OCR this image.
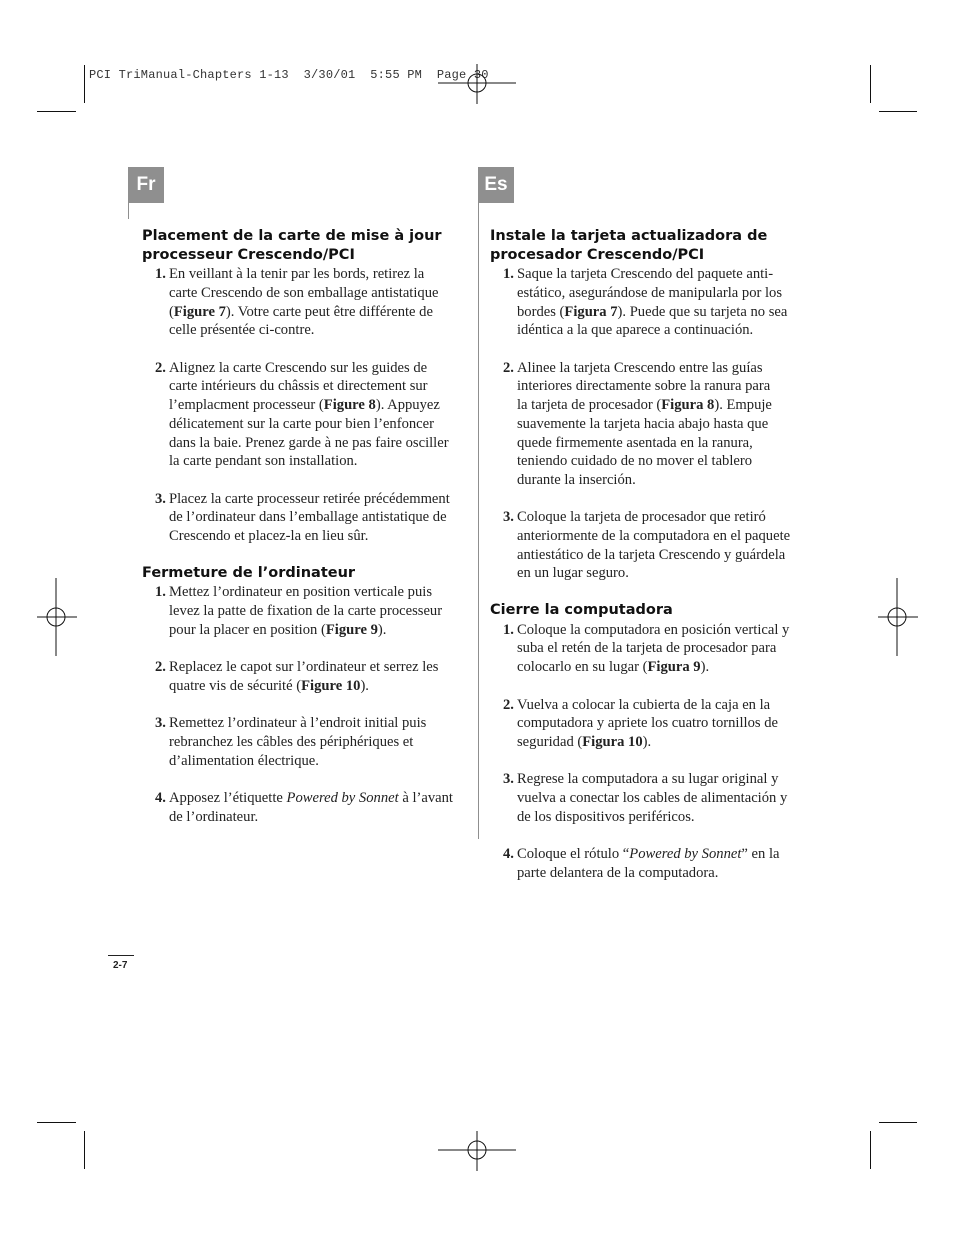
PCI TriManual-Chapters 1-13  3/30/01  5:55 PM  Page 30
Fr	Es
Placement de la carte de mise à jour
processeur Crescendo/PCI

1. En veillant à la tenir par les bords, retirez la
carte Crescendo de son emballage antistatique
(Figure 7). Votre carte peut être différente de
celle présentée ci-contre.

2. Alignez la carte Crescendo sur les guides de
carte intérieurs du châssis et directement sur
l’emplacment processeur (Figure 8). Appuyez
délicatement sur la carte pour bien l’enfoncer
dans la baie. Prenez garde à ne pas faire osciller
la carte pendant son installation.

3. Placez la carte processeur retirée précédemment
de l’ordinateur dans l’emballage antistatique de
Crescendo et placez-la en lieu sûr.

Fermeture de l’ordinateur

1. Mettez l’ordinateur en position verticale puis
levez la patte de fixation de la carte processeur
pour la placer en position (Figure 9).

2. Replacez le capot sur l’ordinateur et serrez les
quatre vis de sécurité (Figure 10).

3. Remettez l’ordinateur à l’endroit initial puis
rebranchez les câbles des périphériques et
d’alimentation électrique.

4. Apposez l’étiquette Powered by Sonnet à l’avant
de l’ordinateur.

Instale la tarjeta actualizadora de
procesador Crescendo/PCI

1. Saque la tarjeta Crescendo del paquete anti-
estático, asegurándose de manipularla por los
bordes (Figura 7). Puede que su tarjeta no sea
idéntica a la que aparece a continuación.

2. Alinee la tarjeta Crescendo entre las guías
interiores directamente sobre la ranura para
la tarjeta de procesador (Figura 8). Empuje
suavemente la tarjeta hacia abajo hasta que
quede firmemente asentada en la ranura,
teniendo cuidado de no mover el tablero
durante la inserción.

3. Coloque la tarjeta de procesador que retiró
anteriormente de la computadora en el paquete
antiestático de la tarjeta Crescendo y guárdela
en un lugar seguro.

Cierre la computadora

1. Coloque la computadora en posición vertical y
suba el retén de la tarjeta de procesador para
colocarlo en su lugar (Figura 9).

2. Vuelva a colocar la cubierta de la caja en la
computadora y apriete los cuatro tornillos de
seguridad (Figura 10).

3. Regrese la computadora a su lugar original y
vuelva a conectar los cables de alimentación y
de los dispositivos periféricos.

4. Coloque el rótulo “Powered by Sonnet” en la
parte delantera de la computadora.

2-7
